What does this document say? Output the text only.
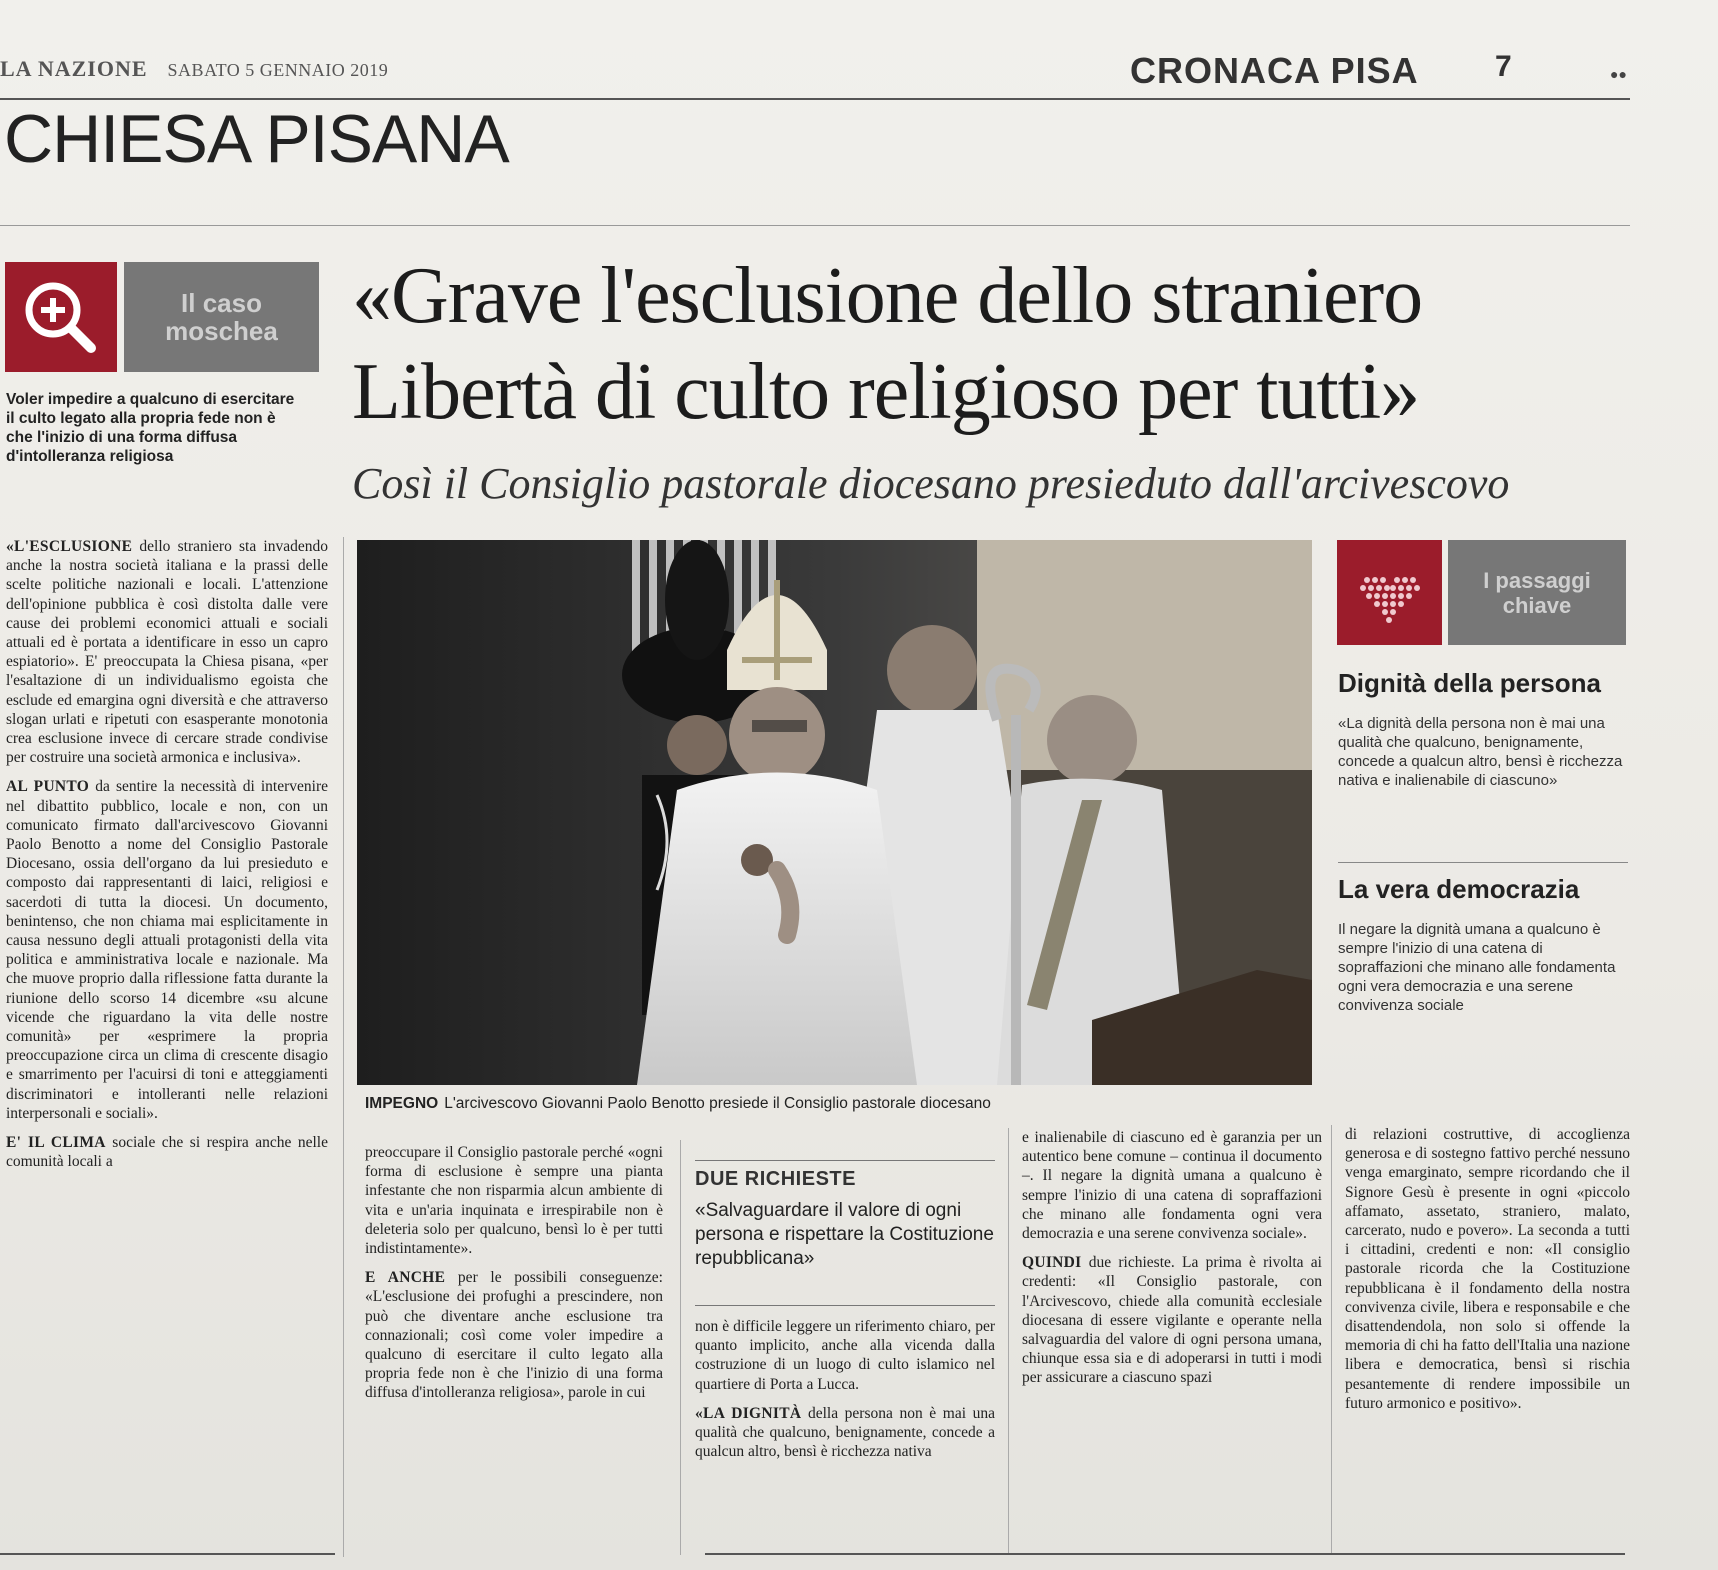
LA NAZIONE SABATO 5 GENNAIO 2019	CRONACA PISA	7	●●
CHIESA PISANA
Il caso moschea
Voler impedire a qualcuno di esercitare il culto legato alla propria fede non è che l'inizio di una forma diffusa d'intolleranza religiosa
«Grave l'esclusione dello straniero
Libertà di culto religioso per tutti»
Così il Consiglio pastorale diocesano presieduto dall'arcivescovo
IMPEGNO L'arcivescovo Giovanni Paolo Benotto presiede il Consiglio pastorale diocesano
I passaggi chiave
Dignità della persona
«La dignità della persona non è mai una qualità che qualcuno, benignamente, concede a qualcun altro, bensì è ricchezza nativa e inalienabile di ciascuno»
La vera democrazia
Il negare la dignità umana a qualcuno è sempre l'inizio di una catena di sopraffazioni che minano alle fondamenta ogni vera democrazia e una serene convivenza sociale

«L'ESCLUSIONE dello straniero sta invadendo anche la nostra società italiana e la prassi delle scelte politiche nazionali e locali. L'attenzione dell'opinione pubblica è così distolta dalle vere cause dei problemi economici attuali e sociali attuali ed è portata a identificare in esso un capro espiatorio». E' preoccupata la Chiesa pisana, «per l'esaltazione di un individualismo egoista che esclude ed emargina ogni diversità e che attraverso slogan urlati e ripetuti con esasperante monotonia crea esclusione invece di cercare strade condivise per costruire una società armonica e inclusiva».

AL PUNTO da sentire la necessità di intervenire nel dibattito pubblico, locale e non, con un comunicato firmato dall'arcivescovo Giovanni Paolo Benotto a nome del Consiglio Pastorale Diocesano, ossia dell'organo da lui presieduto e composto dai rappresentanti di laici, religiosi e sacerdoti di tutta la diocesi. Un documento, benintenso, che non chiama mai esplicitamente in causa nessuno degli attuali protagonisti della vita politica e amministrativa locale e nazionale. Ma che muove proprio dalla riflessione fatta durante la riunione dello scorso 14 dicembre «su alcune vicende che riguardano la vita delle nostre comunità» per «esprimere la propria preoccupazione circa un clima di crescente disagio e smarrimento per l'acuirsi di toni e atteggiamenti discriminatori e intolleranti nelle relazioni interpersonali e sociali».

E' IL CLIMA sociale che si respira anche nelle comunità locali a

preoccupare il Consiglio pastorale perché «ogni forma di esclusione è sempre una pianta infestante che non risparmia alcun ambiente di vita e un'aria inquinata e irrespirabile non è deleteria solo per qualcuno, bensì lo è per tutti indistintamente».

E ANCHE per le possibili conseguenze: «L'esclusione dei profughi a prescindere, non può che diventare anche esclusione tra connazionali; così come voler impedire a qualcuno di esercitare il culto legato alla propria fede non è che l'inizio di una forma diffusa d'intolleranza religiosa», parole in cui

DUE RICHIESTE
«Salvaguardare il valore di ogni persona e rispettare la Costituzione repubblicana»

non è difficile leggere un riferimento chiaro, per quanto implicito, anche alla vicenda dalla costruzione di un luogo di culto islamico nel quartiere di Porta a Lucca.

«LA DIGNITÀ della persona non è mai una qualità che qualcuno, benignamente, concede a qualcun altro, bensì è ricchezza nativa

e inalienabile di ciascuno ed è garanzia per un autentico bene comune – continua il documento –. Il negare la dignità umana a qualcuno è sempre l'inizio di una catena di sopraffazioni che minano alle fondamenta ogni vera democrazia e una serene convivenza sociale».

QUINDI due richieste. La prima è rivolta ai credenti: «Il Consiglio pastorale, con l'Arcivescovo, chiede alla comunità ecclesiale diocesana di essere vigilante e operante nella salvaguardia del valore di ogni persona umana, chiunque essa sia e di adoperarsi in tutti i modi per assicurare a ciascuno spazi

di relazioni costruttive, di accoglienza generosa e di sostegno fattivo perché nessuno venga emarginato, sempre ricordando che il Signore Gesù è presente in ogni «piccolo affamato, assetato, straniero, malato, carcerato, nudo e povero». La seconda a tutti i cittadini, credenti e non: «Il consiglio pastorale ricorda che la Costituzione repubblicana è il fondamento della nostra convivenza civile, libera e responsabile e che disattendendola, non solo si offende la memoria di chi ha fatto dell'Italia una nazione libera e democratica, bensì si rischia pesantemente di rendere impossibile un futuro armonico e positivo».
